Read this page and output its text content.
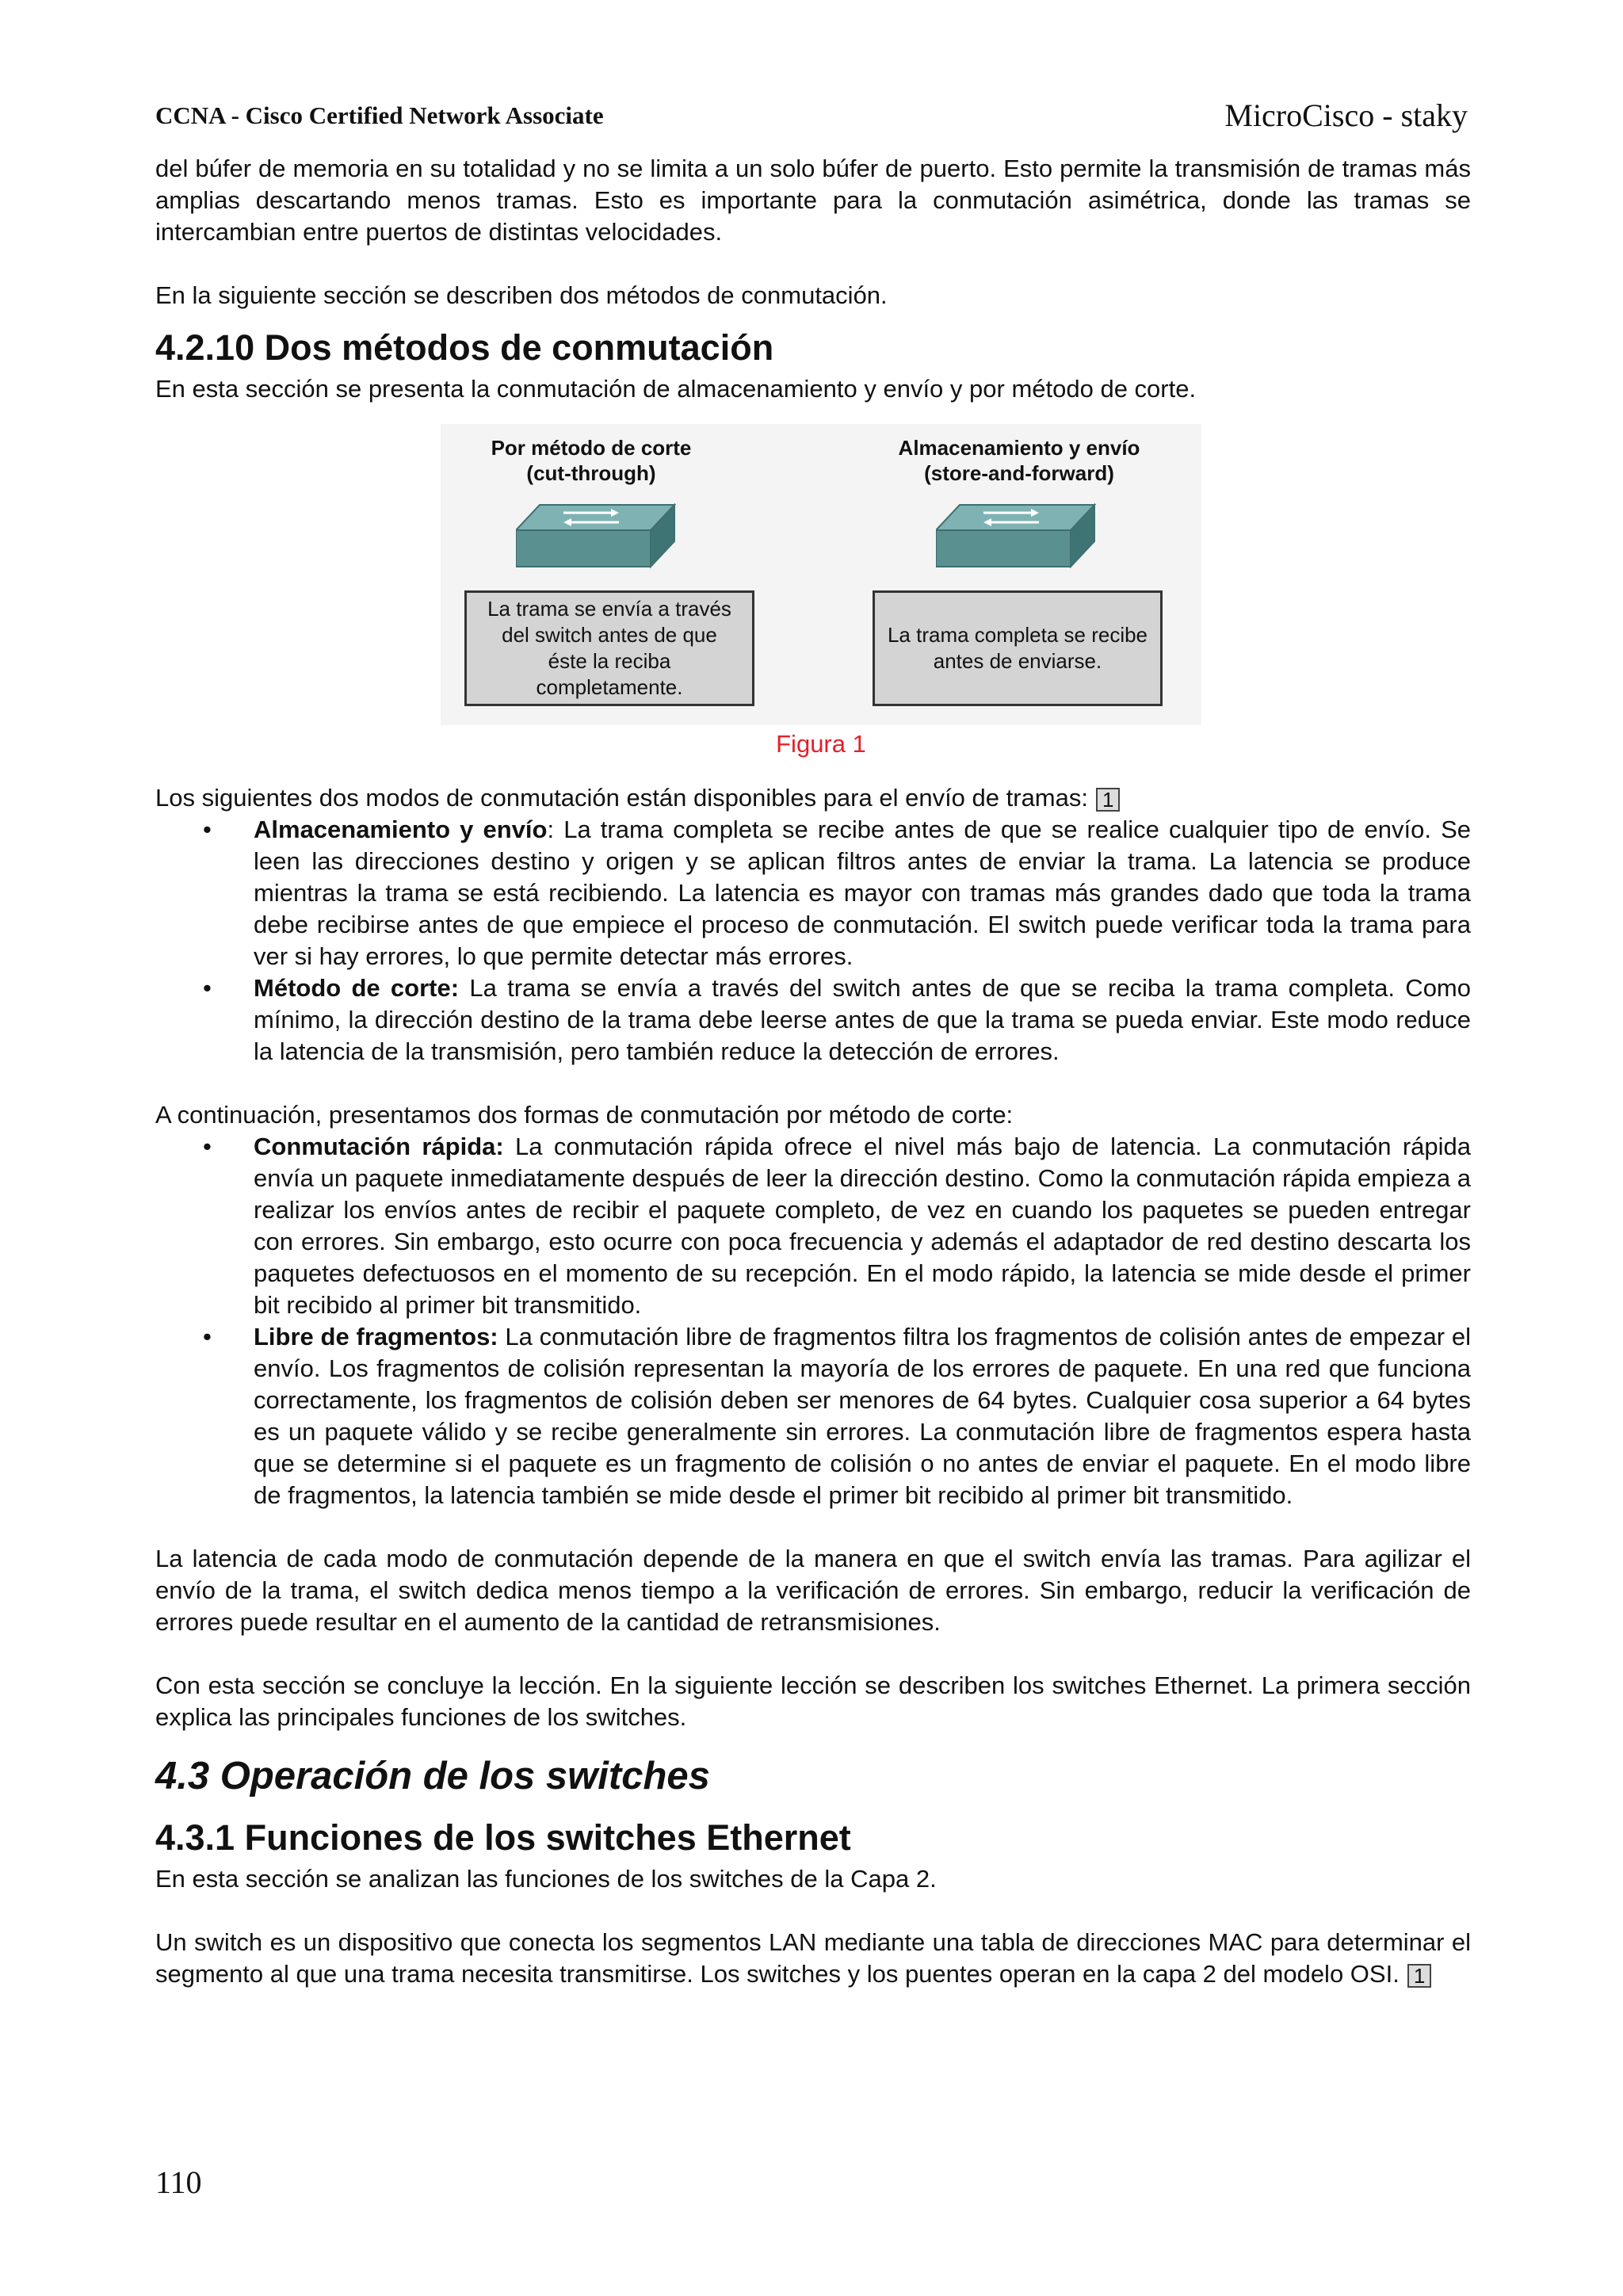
CCNA - Cisco Certified Network Associate	MicroCisco - staky

del búfer de memoria en su totalidad y no se limita a un solo búfer de puerto. Esto permite la transmisión de tramas más amplias descartando menos tramas. Esto es importante para la conmutación asimétrica, donde las tramas se intercambian entre puertos de distintas velocidades.

En la siguiente sección se describen dos métodos de conmutación.

4.2.10 Dos métodos de conmutación

En esta sección se presenta la conmutación de almacenamiento y envío y por método de corte.

Por método de corte
(cut-through)
Almacenamiento y envío
(store-and-forward)
La trama se envía a través
del switch antes de que
éste la reciba
completamente.
La trama completa se recibe
antes de enviarse.
Figura 1

Los siguientes dos modos de conmutación están disponibles para el envío de tramas: 1

• Almacenamiento y envío: La trama completa se recibe antes de que se realice cualquier tipo de envío. Se leen las direcciones destino y origen y se aplican filtros antes de enviar la trama. La latencia se produce mientras la trama se está recibiendo. La latencia es mayor con tramas más grandes dado que toda la trama debe recibirse antes de que empiece el proceso de conmutación. El switch puede verificar toda la trama para ver si hay errores, lo que permite detectar más errores.
• Método de corte: La trama se envía a través del switch antes de que se reciba la trama completa. Como mínimo, la dirección destino de la trama debe leerse antes de que la trama se pueda enviar. Este modo reduce la latencia de la transmisión, pero también reduce la detección de errores.

A continuación, presentamos dos formas de conmutación por método de corte:

• Conmutación rápida: La conmutación rápida ofrece el nivel más bajo de latencia. La conmutación rápida envía un paquete inmediatamente después de leer la dirección destino. Como la conmutación rápida empieza a realizar los envíos antes de recibir el paquete completo, de vez en cuando los paquetes se pueden entregar con errores. Sin embargo, esto ocurre con poca frecuencia y además el adaptador de red destino descarta los paquetes defectuosos en el momento de su recepción. En el modo rápido, la latencia se mide desde el primer bit recibido al primer bit transmitido.
• Libre de fragmentos: La conmutación libre de fragmentos filtra los fragmentos de colisión antes de empezar el envío. Los fragmentos de colisión representan la mayoría de los errores de paquete. En una red que funciona correctamente, los fragmentos de colisión deben ser menores de 64 bytes. Cualquier cosa superior a 64 bytes es un paquete válido y se recibe generalmente sin errores. La conmutación libre de fragmentos espera hasta que se determine si el paquete es un fragmento de colisión o no antes de enviar el paquete. En el modo libre de fragmentos, la latencia también se mide desde el primer bit recibido al primer bit transmitido.

La latencia de cada modo de conmutación depende de la manera en que el switch envía las tramas. Para agilizar el envío de la trama, el switch dedica menos tiempo a la verificación de errores. Sin embargo, reducir la verificación de errores puede resultar en el aumento de la cantidad de retransmisiones.

Con esta sección se concluye la lección. En la siguiente lección se describen los switches Ethernet. La primera sección explica las principales funciones de los switches.

4.3 Operación de los switches
4.3.1 Funciones de los switches Ethernet

En esta sección se analizan las funciones de los switches de la Capa 2.

Un switch es un dispositivo que conecta los segmentos LAN mediante una tabla de direcciones MAC para determinar el segmento al que una trama necesita transmitirse. Los switches y los puentes operan en la capa 2 del modelo OSI. 1

110
